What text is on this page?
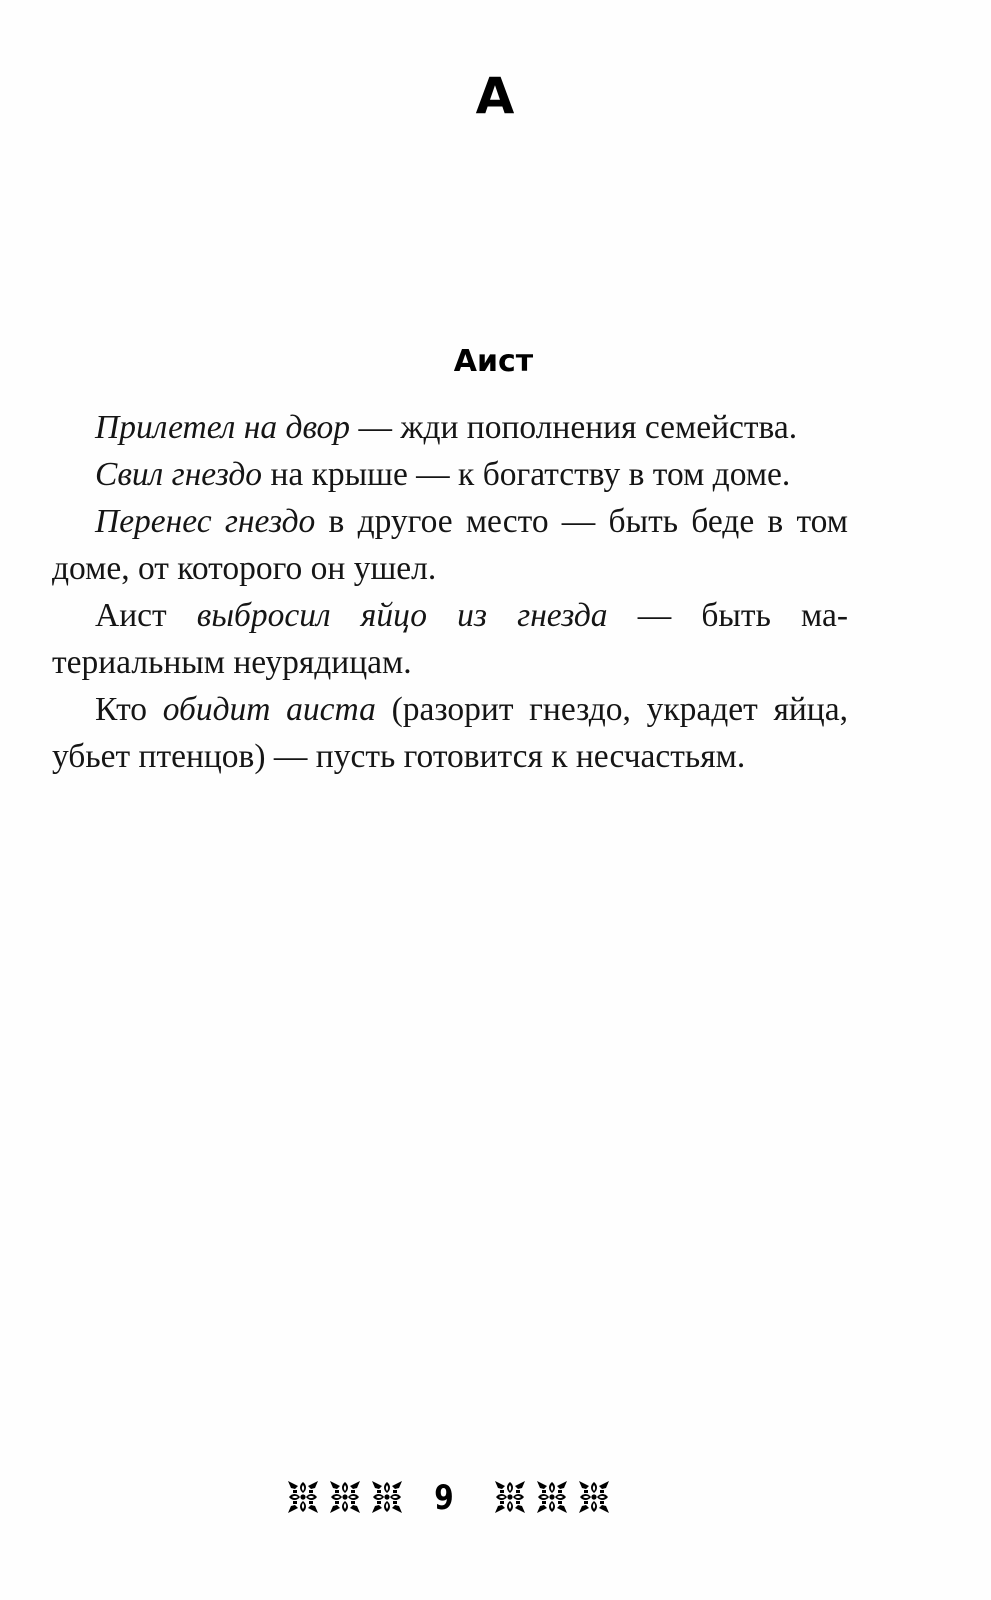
А
Аист

Прилетел на двор — жди пополнения семейства.

Свил гнездо на крыше — к богатству в том доме.

Перенес гнездо в другое место — быть беде в том доме, от которого он ушел.

Аист выбросил яйцо из гнезда — быть материальным неурядицам.

Кто обидит аиста (разорит гнездо, украдет яйца, убьет птенцов) — пусть готовится к несчастьям.

9
